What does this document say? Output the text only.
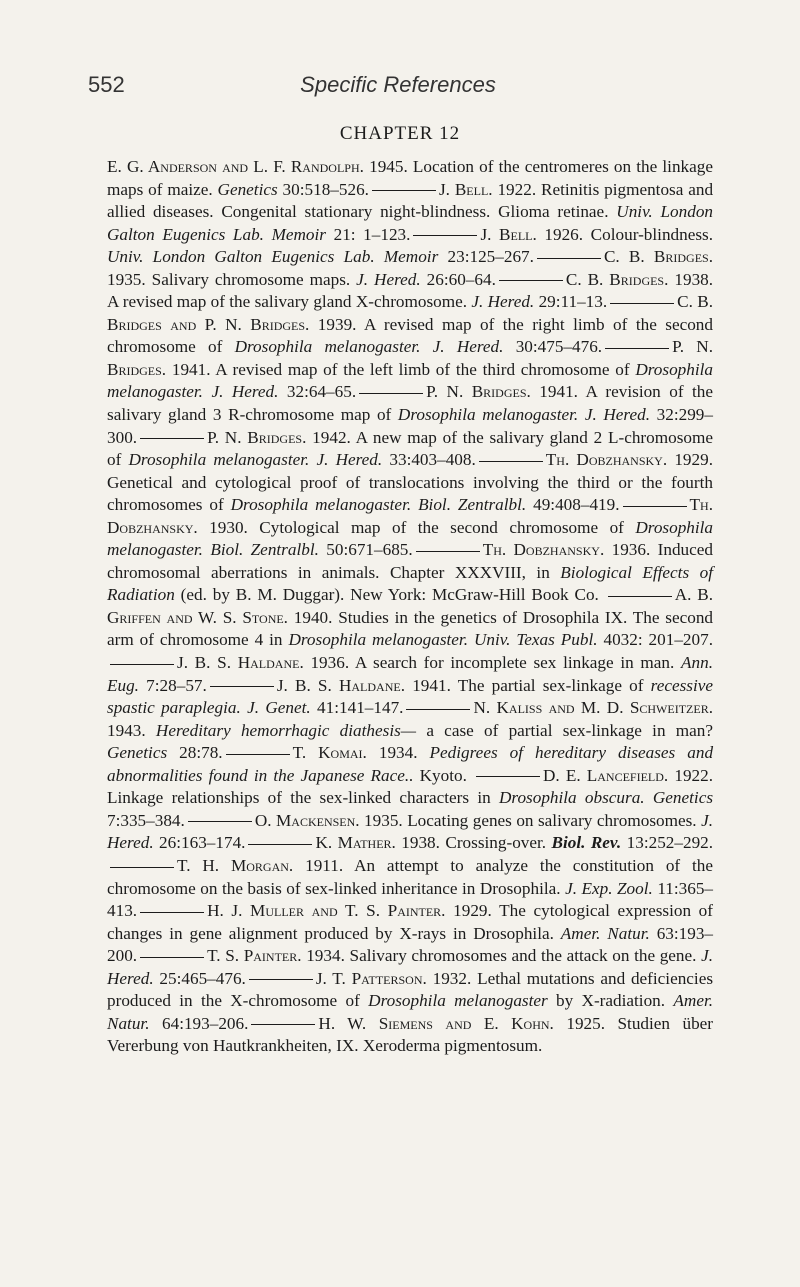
552	Specific References
CHAPTER 12
E. G. Anderson and L. F. Randolph. 1945. Location of the centromeres on the linkage maps of maize. Genetics 30:518–526.	J. Bell. 1922. Retinitis pigmentosa and allied diseases. Congenital stationary night-blindness. Glioma retinae. Univ. London Galton Eugenics Lab. Memoir 21: 1–123.	J. Bell. 1926. Colour-blindness. Univ. London Galton Eugenics Lab. Memoir 23:125–267.	C. B. Bridges. 1935. Salivary chromosome maps. J. Hered. 26:60–64.	C. B. Bridges. 1938. A revised map of the salivary gland X-chromosome. J. Hered. 29:11–13.	C. B. Bridges and P. N. Bridges. 1939. A revised map of the right limb of the second chromosome of Drosophila melanogaster. J. Hered. 30:475–476.	P. N. Bridges. 1941. A revised map of the left limb of the third chromosome of Drosophila melanogaster. J. Hered. 32:64–65.	P. N. Bridges. 1941. A revision of the salivary gland 3 R-chromosome map of Drosophila melanogaster. J. Hered. 32:299–300.	P. N. Bridges. 1942. A new map of the salivary gland 2 L-chromosome of Drosophila melanogaster. J. Hered. 33:403–408.	Th. Dobzhansky. 1929. Genetical and cytological proof of translocations involving the third or the fourth chromosomes of Drosophila melanogaster. Biol. Zentralbl. 49:408–419.	Th. Dobzhansky. 1930. Cytological map of the second chromosome of Drosophila melanogaster. Biol. Zentralbl. 50:671–685.	Th. Dobzhansky. 1936. Induced chromosomal aberrations in animals. Chapter XXXVIII, in Biological Effects of Radiation (ed. by B. M. Duggar). New York: McGraw-Hill Book Co.	A. B. Griffen and W. S. Stone. 1940. Studies in the genetics of Drosophila IX. The second arm of chromosome 4 in Drosophila melanogaster. Univ. Texas Publ. 4032: 201–207.J. B. S. Haldane. 1936. A search for incomplete sex linkage in man. Ann. Eug. 7:28–57.	J. B. S. Haldane. 1941. The partial sex-linkage of recessive spastic paraplegia. J. Genet. 41:141–147.	N. Kaliss and M. D. Schweitzer. 1943. Hereditary hemorrhagic diathesis— a case of partial sex-linkage in man? Genetics 28:78.	T. Komai. 1934. Pedigrees of hereditary diseases and abnormalities found in the Japanese Race.. Kyoto.	D. E. Lancefield. 1922. Linkage relationships of the sex-linked characters in Drosophila obscura. Genetics 7:335–384.	O. Mackensen. 1935. Locating genes on salivary chromosomes. J. Hered. 26:163–174.	K. Mather. 1938. Crossing-over. Biol. Rev. 13:252–292.T. H. Morgan. 1911. An attempt to analyze the constitution of the chromosome on the basis of sex-linked inheritance in Drosophila. J. Exp. Zool. 11:365–413.	H. J. Muller and T. S. Painter. 1929. The cytological expression of changes in gene alignment produced by X-rays in Drosophila. Amer. Natur. 63:193–200.	T. S. Painter. 1934. Salivary chromosomes and the attack on the gene. J. Hered. 25:465–476.	J. T. Patterson. 1932. Lethal mutations and deficiencies produced in the X-chromosome of Drosophila melanogaster by X-radiation. Amer. Natur. 64:193–206.	H. W. Siemens and E. Kohn. 1925. Studien über Vererbung von Hautkrankheiten, IX. Xeroderma pigmentosum.
